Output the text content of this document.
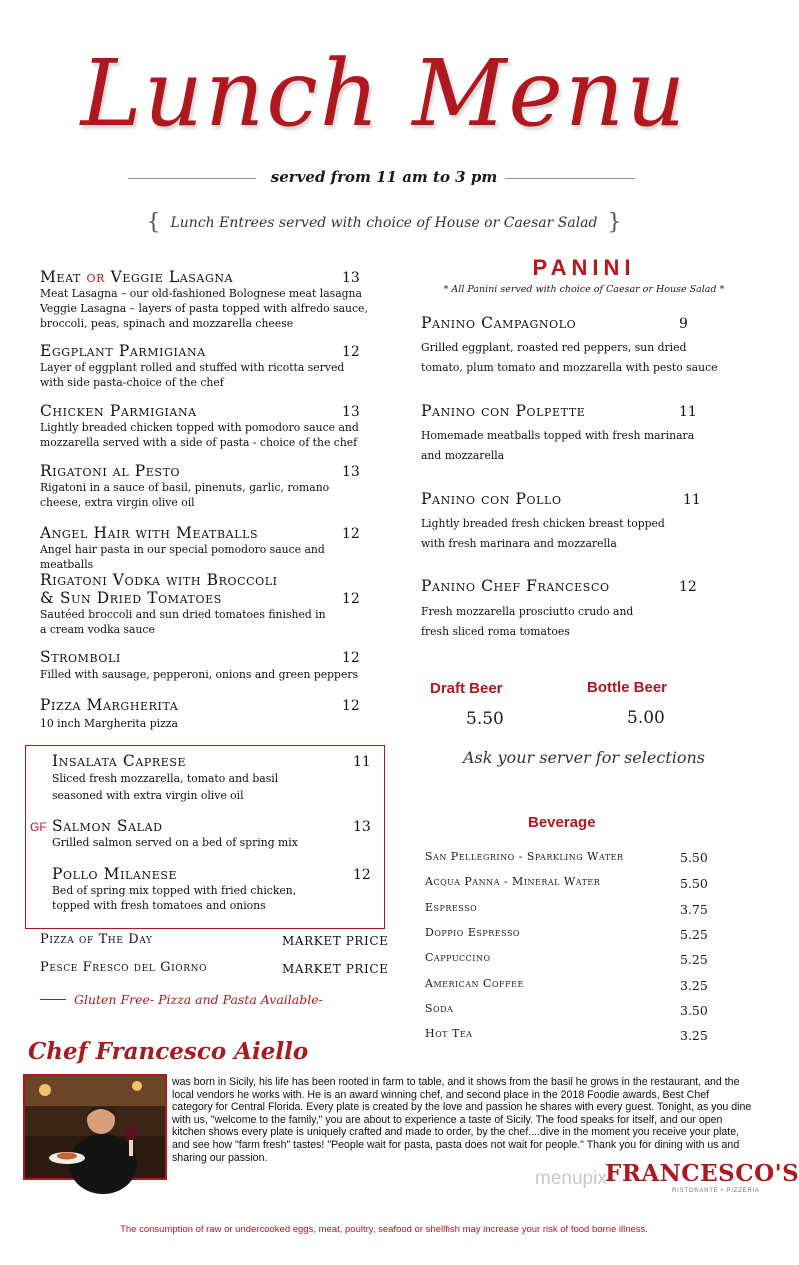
Lunch Menu
served from 11 am to 3 pm
{ Lunch Entrees served with choice of House or Caesar Salad }
Meat or Veggie Lasagna	13
Meat Lasagna – our old-fashioned Bolognese meat lasagna Veggie Lasagna – layers of pasta topped with alfredo sauce, broccoli, peas, spinach and mozzarella cheese
Eggplant Parmigiana	12
Layer of eggplant rolled and stuffed with ricotta served with side pasta-choice of the chef
Chicken Parmigiana	13
Lightly breaded chicken topped with pomodoro sauce and mozzarella served with a side of pasta - choice of the chef
Rigatoni al Pesto	13
Rigatoni in a sauce of basil, pinenuts, garlic, romano cheese, extra virgin olive oil
Angel Hair with Meatballs	12
Angel hair pasta in our special pomodoro sauce and meatballs
Rigatoni Vodka with Broccoli
& Sun Dried Tomatoes	12
Sautéed broccoli and sun dried tomatoes finished in a cream vodka sauce
Stromboli	12
Filled with sausage, pepperoni, onions and green peppers
Pizza Margherita	12
10 inch Margherita pizza
Insalata Caprese	11
Sliced fresh mozzarella, tomato and basil seasoned with extra virgin olive oil
GF Salmon Salad	13
Grilled salmon served on a bed of spring mix
Pollo Milanese	12
Bed of spring mix topped with fried chicken, topped with fresh tomatoes and onions
Pizza of The Day	MARKET PRICE
Pesce Fresco del Giorno	MARKET PRICE
Gluten Free- Pizza and Pasta Available-
PANINI
* All Panini served with choice of Caesar or House Salad *
Panino Campagnolo	9
Grilled eggplant, roasted red peppers, sun dried tomato, plum tomato and mozzarella with pesto sauce
Panino con Polpette	11
Homemade meatballs topped with fresh marinara and mozzarella
Panino con Pollo	11
Lightly breaded fresh chicken breast topped with fresh marinara and mozzarella
Panino Chef Francesco	12
Fresh mozzarella prosciutto crudo and fresh sliced roma tomatoes
Draft Beer
5.50
Bottle Beer
5.00
Ask your server for selections
Beverage
San Pellegrino - Sparkling Water	5.50
Acqua Panna - Mineral Water	5.50
Espresso	3.75
Doppio Espresso	5.25
Cappuccino	5.25
American Coffee	3.25
Soda	3.50
Hot Tea	3.25
Chef Francesco Aiello
was born in Sicily, his life has been rooted in farm to table, and it shows from the basil he grows in the restaurant, and the local vendors he works with. He is an award winning chef, and second place in the 2018 Foodie awards, Best Chef category for Central Florida. Every plate is created by the love and passion he shares with every guest. Tonight, as you dine with us, "welcome to the family," you are about to experience a taste of Sicily. The food speaks for itself, and our open kitchen shows every plate is uniquely crafted and made to order, by the chef....dive in the moment you receive your plate, and see how "farm fresh" tastes! "People wait for pasta, pasta does not wait for people." Thank you for dining with us and sharing our passion.
menupix
FRANCESCO'S
RISTORANTE • PIZZERIA
The consumption of raw or undercooked eggs, meat, poultry, seafood or shellfish may increase your risk of food borne illness.
